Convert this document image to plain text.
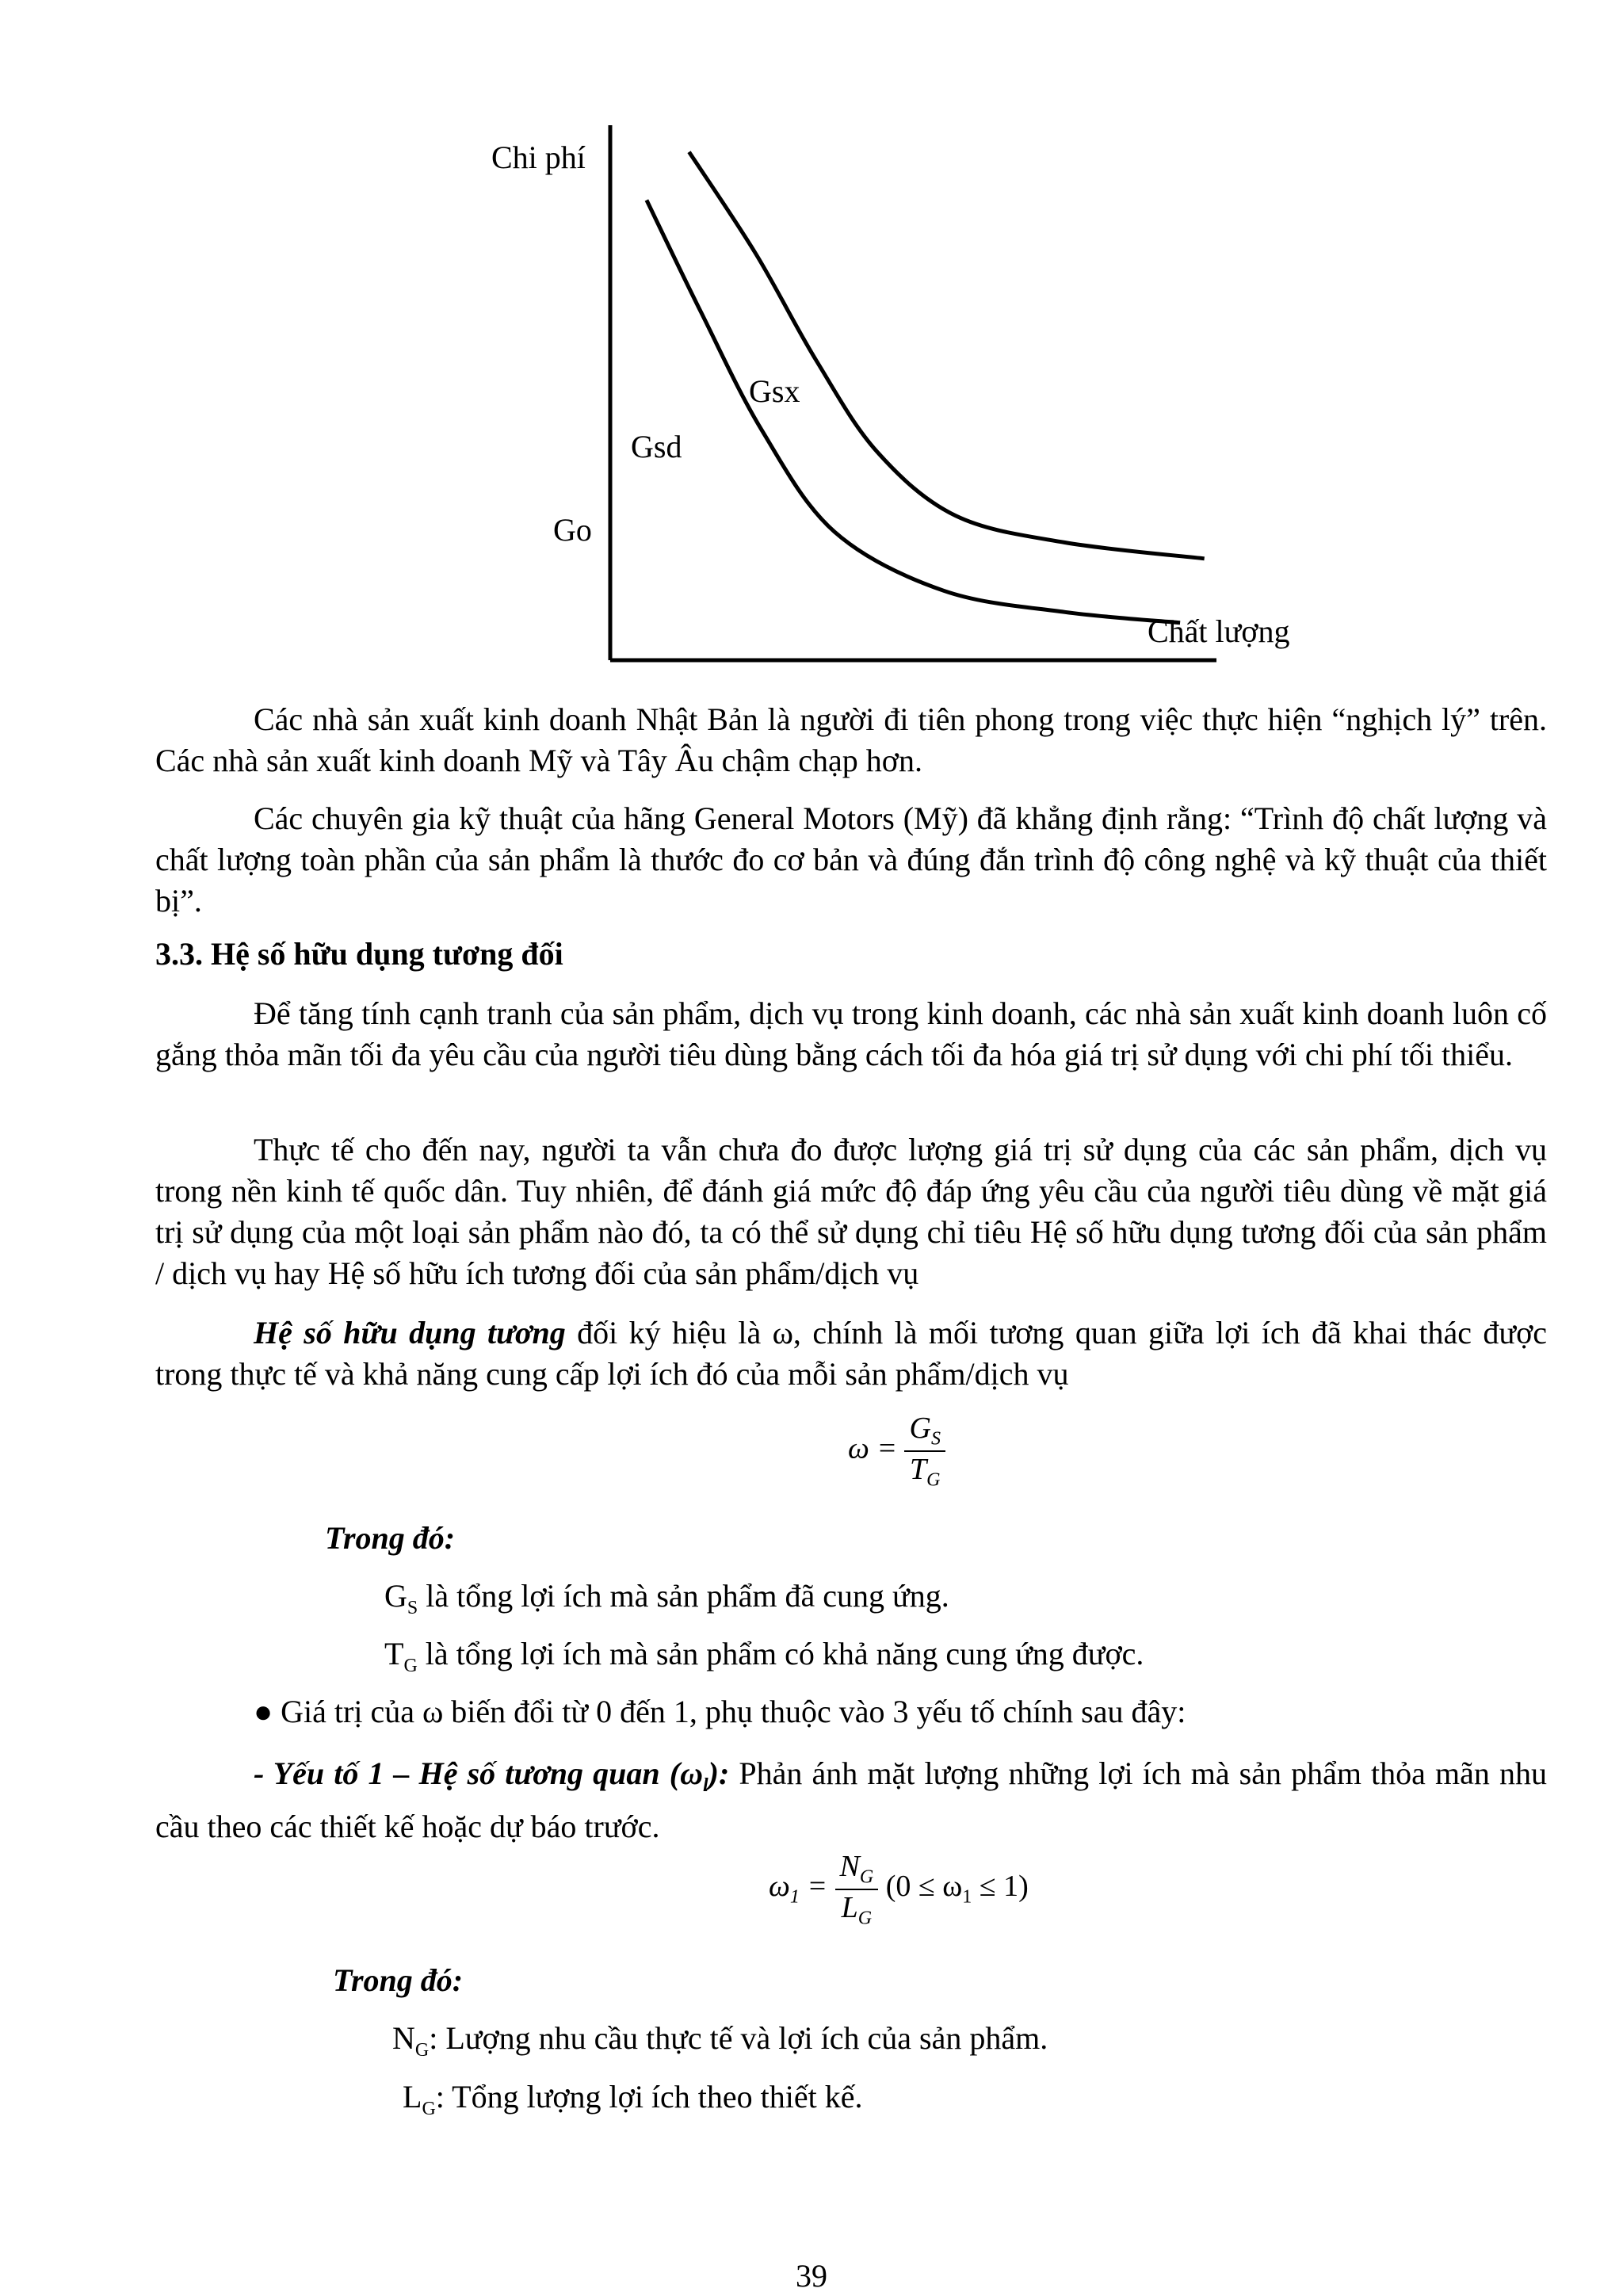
Chi phí
Chất lượng
Go
Gsd
Gsx

Các nhà sản xuất kinh doanh Nhật Bản là người đi tiên phong trong việc thực hiện “nghịch lý” trên. Các nhà sản xuất kinh doanh Mỹ và Tây Âu chậm chạp hơn.

Các chuyên gia kỹ thuật của hãng General Motors (Mỹ) đã khẳng định rằng: “Trình độ chất lượng và chất lượng toàn phần của sản phẩm là thước đo cơ bản và đúng đắn trình độ công nghệ và kỹ thuật của thiết bị”.

3.3. Hệ số hữu dụng tương đối

Để tăng tính cạnh tranh của sản phẩm, dịch vụ trong kinh doanh, các nhà sản xuất kinh doanh luôn cố gắng thỏa mãn tối đa yêu cầu của người tiêu dùng bằng cách tối đa hóa giá trị sử dụng với chi phí tối thiểu.

Thực tế cho đến nay, người ta vẫn chưa đo được lượng giá trị sử dụng của các sản phẩm, dịch vụ trong nền kinh tế quốc dân. Tuy nhiên, để đánh giá mức độ đáp ứng yêu cầu của người tiêu dùng về mặt giá trị sử dụng của một loại sản phẩm nào đó, ta có thể sử dụng chỉ tiêu Hệ số hữu dụng tương đối của sản phẩm / dịch vụ hay Hệ số hữu ích tương đối của sản phẩm/dịch vụ

Hệ số hữu dụng tương đối ký hiệu là ω, chính là mối tương quan giữa lợi ích đã khai thác được trong thực tế và khả năng cung cấp lợi ích đó của mỗi sản phẩm/dịch vụ

$\omega = \frac{G_S}{T_G}$

Trong đó:

$G_S$ là tổng lợi ích mà sản phẩm đã cung ứng.

$T_G$ là tổng lợi ích mà sản phẩm có khả năng cung ứng được.

● Giá trị của ω biến đổi từ 0 đến 1, phụ thuộc vào 3 yếu tố chính sau đây:

- Yếu tố 1 – Hệ số tương quan $(\omega_l)$: Phản ánh mặt lượng những lợi ích mà sản phẩm thỏa mãn nhu cầu theo các thiết kế hoặc dự báo trước.

$\omega_1 = \frac{N_G}{L_G} (0 \le \omega_1 \le 1)$

Trong đó:

$N_G$: Lượng nhu cầu thực tế và lợi ích của sản phẩm.

$L_G$: Tổng lượng lợi ích theo thiết kế.

39
